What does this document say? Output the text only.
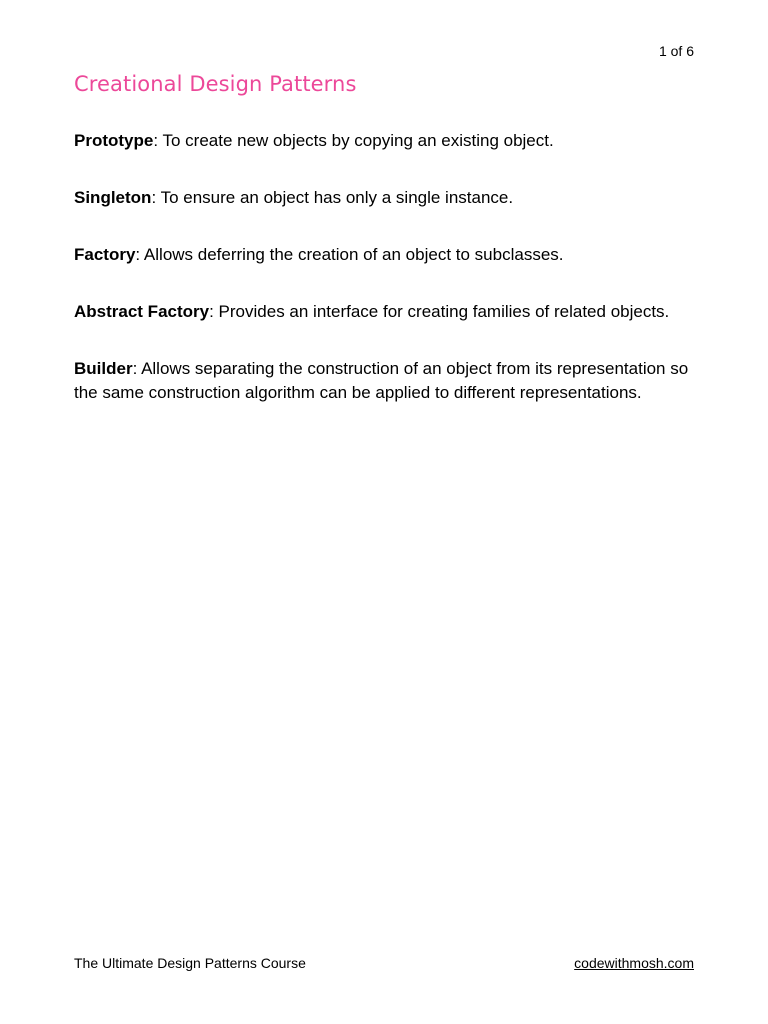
1 of 6
Creational Design Patterns

Prototype: To create new objects by copying an existing object.

Singleton: To ensure an object has only a single instance.

Factory: Allows deferring the creation of an object to subclasses.

Abstract Factory: Provides an interface for creating families of related objects.

Builder: Allows separating the construction of an object from its representation so the same construction algorithm can be applied to different representations.

The Ultimate Design Patterns Course	codewithmosh.com
